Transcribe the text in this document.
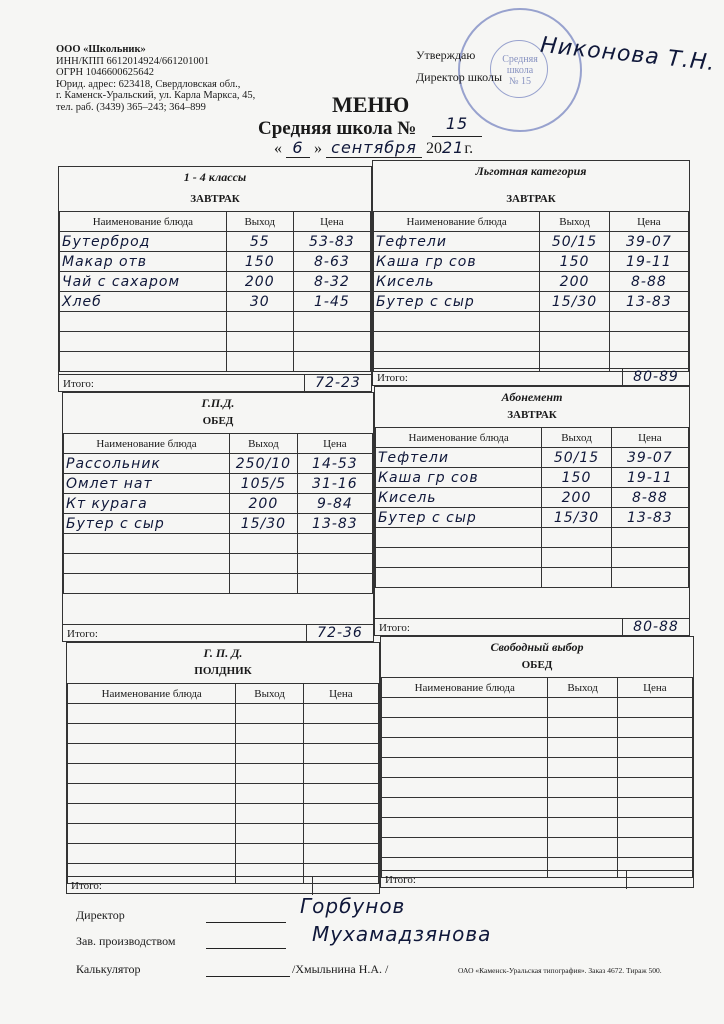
ООО «Школьник»
ИНН/КПП 6612014924/661201001
ОГРН 1046600625642
Юрид. адрес: 623418, Свердловская обл.,
г. Каменск-Уральский, ул. Карла Маркса, 45,
тел. раб. (3439) 365–243; 364–899
Средняя
школа
№ 15
Утверждаю
Директор школы
Никонова Т.Н.
МЕНЮ
Средняя школа №	15
« 6 » сентября 2021г.
1 - 4 классы
ЗАВТРАК
Наименование блюда	Выход	Цена
Бутерброд	55	53-83
Макар отв	150	8-63
Чай с сахаром	200	8-32
Хлеб	30	1-45

Итого:	72-23
Льготная категория
ЗАВТРАК
Наименование блюда	Выход	Цена
Тефтели	50/15	39-07
Каша гр сов	150	19-11
Кисель	200	8-88
Бутер с сыр	15/30	13-83

Итого:	80-89
Г.П.Д.
ОБЕД
Наименование блюда	Выход	Цена
Рассольник	250/10	14-53
Омлет нат	105/5	31-16
Кт курага	200	9-84
Бутер с сыр	15/30	13-83

Итого:	72-36
Абонемент
ЗАВТРАК
Наименование блюда	Выход	Цена
Тефтели	50/15	39-07
Каша гр сов	150	19-11
Кисель	200	8-88
Бутер с сыр	15/30	13-83

Итого:	80-88
Г. П. Д.
ПОЛДНИК
Наименование блюда	Выход	Цена

Итого:
Свободный выбор
ОБЕД
Наименование блюда	Выход	Цена

Итого:
Директор	Горбунов
Зав. производством	Мухамадзянова
Калькулятор	/Хмыльнина Н.А. /	ОАО «Каменск-Уральская типография». Заказ 4672. Тираж 500.
